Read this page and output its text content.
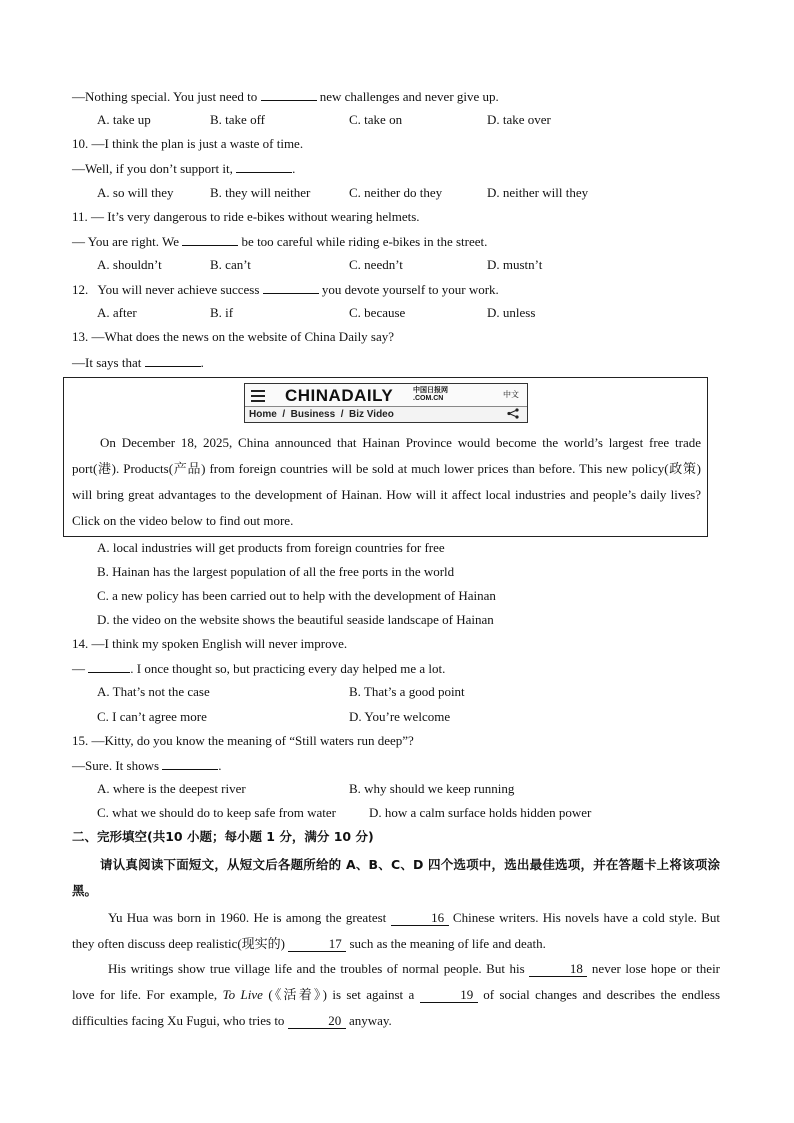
—Nothing special. You just need to	new challenges and never give up.
A. take up	B. take off	C. take on	D. take over
10. —I think the plan is just a waste of time.
—Well, if you don’t support it,	.
A. so will they	B. they will neither	C. neither do they	D. neither will they
11. — It’s very dangerous to ride e-bikes without wearing helmets.
— You are right. We	be too careful while riding e-bikes in the street.
A. shouldn’t	B. can’t	C. needn’t	D. mustn’t
12.   You will never achieve success	you devote yourself to your work.
A. after	B. if	C. because	D. unless
13. —What does the news on the website of China Daily say?
—It says that	.
CHINADAILY	中国日报网
.COM.CN	中文
Home  /  Business  /  Biz Video
On December 18, 2025, China announced that Hainan Province would become the world’s largest free trade port(港). Products(产品) from foreign countries will be sold at much lower prices than before. This new policy(政策) will bring great advantages to the development of Hainan. How will it affect local industries and people’s daily lives? Click on the video below to find out more.
A. local industries will get products from foreign countries for free
B. Hainan has the largest population of all the free ports in the world
C. a new policy has been carried out to help with the development of Hainan
D. the video on the website shows the beautiful seaside landscape of Hainan
14. —I think my spoken English will never improve.
—	. I once thought so, but practicing every day helped me a lot.
A. That’s not the case	B. That’s a good point
C. I can’t agree more	D. You’re welcome
15. —Kitty, do you know the meaning of “Still waters run deep”?
—Sure. It shows	.
A. where is the deepest river	B. why should we keep running
C. what we should do to keep safe from water	D. how a calm surface holds hidden power
二、完形填空(共10 小题；每小题 1 分，满分 10 分)
请认真阅读下面短文，从短文后各题所给的 A、B、C、D 四个选项中，选出最佳选项，并在答题卡上将该项涂黑。
Yu Hua was born in 1960. He is among the greatest	16 Chinese writers. His novels have a cold style. But they often discuss deep realistic(现实的)	17 such as the meaning of life and death.
His writings show true village life and the troubles of normal people. But his	18 never lose hope or their love for life. For example, To Live (《活着》) is set against a	19 of social changes and describes the endless difficulties facing Xu Fugui, who tries to	20 anyway.
